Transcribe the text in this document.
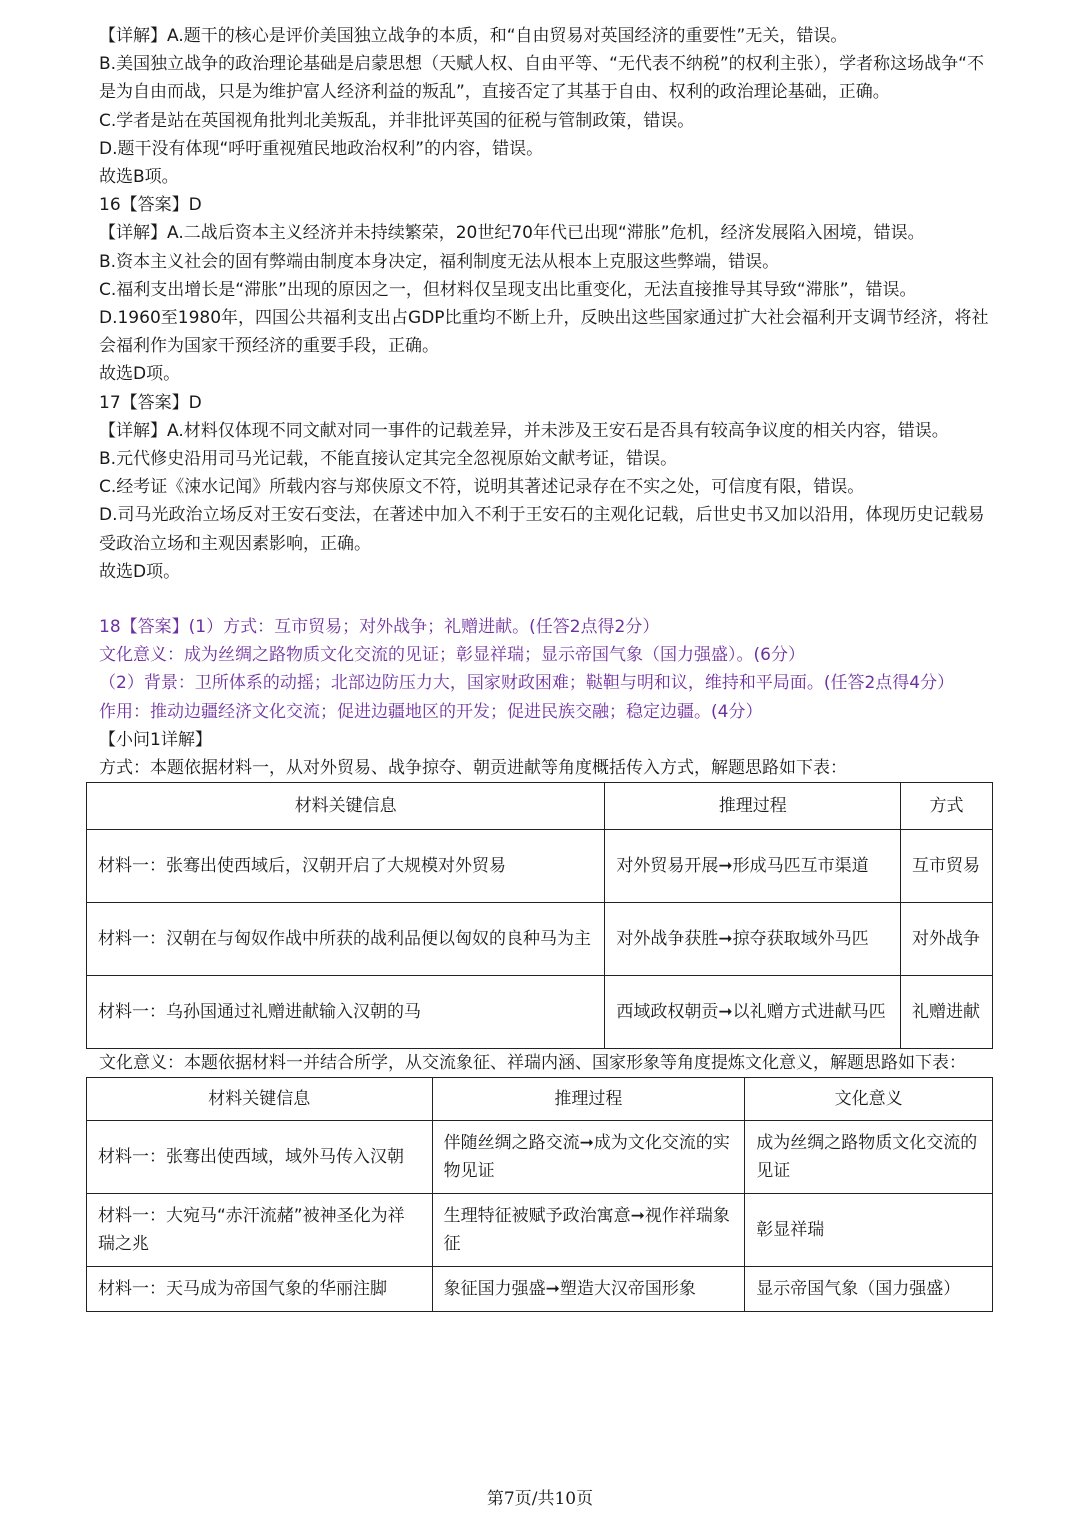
【详解】A.题干的核心是评价美国独立战争的本质，和“自由贸易对英国经济的重要性”无关，错误。

B.美国独立战争的政治理论基础是启蒙思想（天赋人权、自由平等、“无代表不纳税”的权利主张），学者称这场战争“不是为自由而战，只是为维护富人经济利益的叛乱”，直接否定了其基于自由、权利的政治理论基础，正确。

C.学者是站在英国视角批判北美叛乱，并非批评英国的征税与管制政策，错误。

D.题干没有体现“呼吁重视殖民地政治权利”的内容，错误。

故选B项。

16【答案】D

【详解】A.二战后资本主义经济并未持续繁荣，20世纪70年代已出现“滞胀”危机，经济发展陷入困境，错误。

B.资本主义社会的固有弊端由制度本身决定，福利制度无法从根本上克服这些弊端，错误。

C.福利支出增长是“滞胀”出现的原因之一，但材料仅呈现支出比重变化，无法直接推导其导致“滞胀”，错误。

D.1960至1980年，四国公共福利支出占GDP比重均不断上升，反映出这些国家通过扩大社会福利开支调节经济，将社会福利作为国家干预经济的重要手段，正确。

故选D项。

17【答案】D

【详解】A.材料仅体现不同文献对同一事件的记载差异，并未涉及王安石是否具有较高争议度的相关内容，错误。

B.元代修史沿用司马光记载，不能直接认定其完全忽视原始文献考证，错误。

C.经考证《涑水记闻》所载内容与郑侠原文不符，说明其著述记录存在不实之处，可信度有限，错误。

D.司马光政治立场反对王安石变法，在著述中加入不利于王安石的主观化记载，后世史书又加以沿用，体现历史记载易受政治立场和主观因素影响，正确。

故选D项。

18【答案】(1）方式：互市贸易；对外战争；礼赠进献。(任答2点得2分）

文化意义：成为丝绸之路物质文化交流的见证；彰显祥瑞；显示帝国气象（国力强盛）。(6分）

（2）背景：卫所体系的动摇；北部边防压力大，国家财政困难；鞑靼与明和议，维持和平局面。(任答2点得4分）

作用：推动边疆经济文化交流；促进边疆地区的开发；促进民族交融；稳定边疆。(4分）

【小问1详解】

方式：本题依据材料一，从对外贸易、战争掠夺、朝贡进献等角度概括传入方式，解题思路如下表：

材料关键信息	推理过程	方式
材料一：张骞出使西域后，汉朝开启了大规模对外贸易	对外贸易开展➞形成马匹互市渠道	互市贸易
材料一：汉朝在与匈奴作战中所获的战利品便以匈奴的良种马为主	对外战争获胜➞掠夺获取域外马匹	对外战争
材料一：乌孙国通过礼赠进献输入汉朝的马	西域政权朝贡➞以礼赠方式进献马匹	礼赠进献

文化意义：本题依据材料一并结合所学，从交流象征、祥瑞内涵、国家形象等角度提炼文化意义，解题思路如下表：

材料关键信息	推理过程	文化意义
材料一：张骞出使西域，域外马传入汉朝	伴随丝绸之路交流➞成为文化交流的实物见证	成为丝绸之路物质文化交流的见证
材料一：大宛马“赤汗流赭”被神圣化为祥瑞之兆	生理特征被赋予政治寓意➞视作祥瑞象征	彰显祥瑞
材料一：天马成为帝国气象的华丽注脚	象征国力强盛➞塑造大汉帝国形象	显示帝国气象（国力强盛）
第7页/共10页
